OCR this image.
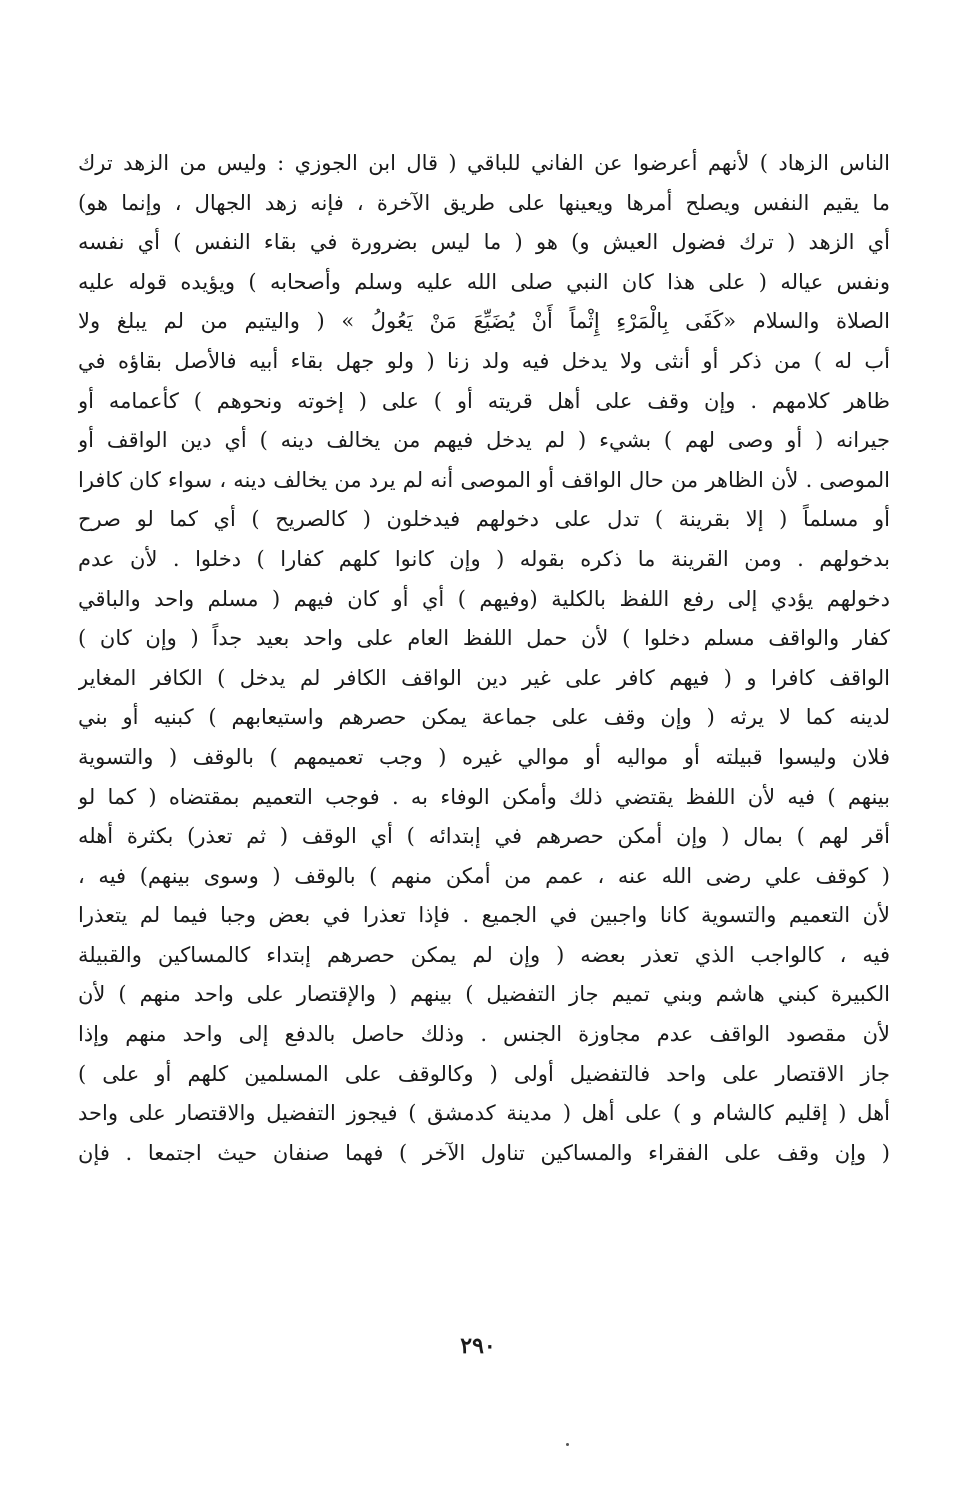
الناس الزهاد ) لأنهم أعرضوا عن الفاني للباقي ( قال ابن الجوزي : وليس من الزهد ترك
ما يقيم النفس ويصلح أمرها ويعينها على طريق الآخرة ، فإنه زهد الجهال ، وإنما هو)
أي الزهد ( ترك فضول العيش و) هو ( ما ليس بضرورة في بقاء النفس ) أي نفسه
ونفس عياله ( على هذا كان النبي صلى الله عليه وسلم وأصحابه ) ويؤيده قوله عليه
الصلاة والسلام «كَفَى بِالْمَرْءِ إِثْماً أَنْ يُضَيِّعَ مَنْ يَعُولُ » ( واليتيم من لم يبلغ ولا
أب له ) من ذكر أو أنثى ولا يدخل فيه ولد زنا ( ولو جهل بقاء أبيه فالأصل بقاؤه في
ظاهر كلامهم . وإن وقف على أهل قريته أو ) على ( إخوته ونحوهم ) كأعمامه أو
جيرانه ( أو وصى لهم ) بشيء ( لم يدخل فيهم من يخالف دينه ) أي دين الواقف أو
الموصى . لأن الظاهر من حال الواقف أو الموصى أنه لم يرد من يخالف دينه ، سواء كان كافرا
أو مسلماً ( إلا بقرينة ) تدل على دخولهم فيدخلون ( كالصريح ) أي كما لو صرح
بدخولهم . ومن القرينة ما ذكره بقوله ( وإن كانوا كلهم كفارا ) دخلوا . لأن عدم
دخولهم يؤدي إلى رفع اللفظ بالكلية (وفيهم ) أي أو كان فيهم ( مسلم واحد والباقي
كفار والواقف مسلم دخلوا ) لأن حمل اللفظ العام على واحد بعيد جداً ( وإن كان )
الواقف كافرا و ( فيهم كافر على غير دين الواقف الكافر لم يدخل ) الكافر المغاير
لدينه كما لا يرثه ( وإن وقف على جماعة يمكن حصرهم واستيعابهم ) كبنيه أو بني
فلان وليسوا قبيلته أو مواليه أو موالي غيره ( وجب تعميمهم ) بالوقف ( والتسوية
بينهم ) فيه لأن اللفظ يقتضي ذلك وأمكن الوفاء به . فوجب التعميم بمقتضاه ( كما لو
أقر لهم ) بمال ( وإن أمكن حصرهم في إبتدائه ) أي الوقف ( ثم تعذر) بكثرة أهله
( كوقف علي رضى الله عنه ، عمم من أمكن منهم ) بالوقف ( وسوى بينهم) فيه ،
لأن التعميم والتسوية كانا واجبين في الجميع . فإذا تعذرا في بعض وجبا فيما لم يتعذرا
فيه ، كالواجب الذي تعذر بعضه ( وإن لم يمكن حصرهم إبتداء كالمساكين والقبيلة
الكبيرة كبني هاشم وبني تميم جاز التفضيل ) بينهم ( والإقتصار على واحد منهم ) لأن
لأن مقصود الواقف عدم مجاوزة الجنس . وذلك حاصل بالدفع إلى واحد منهم وإذا
جاز الاقتصار على واحد فالتفضيل أولى ( وكالوقف على المسلمين كلهم أو على )
أهل ( إقليم كالشام و ) على أهل ( مدينة كدمشق ) فيجوز التفضيل والاقتصار على واحد
( وإن وقف على الفقراء والمساكين تناول الآخر ) فهما صنفان حيث اجتمعا . فإن
٢٩٠
